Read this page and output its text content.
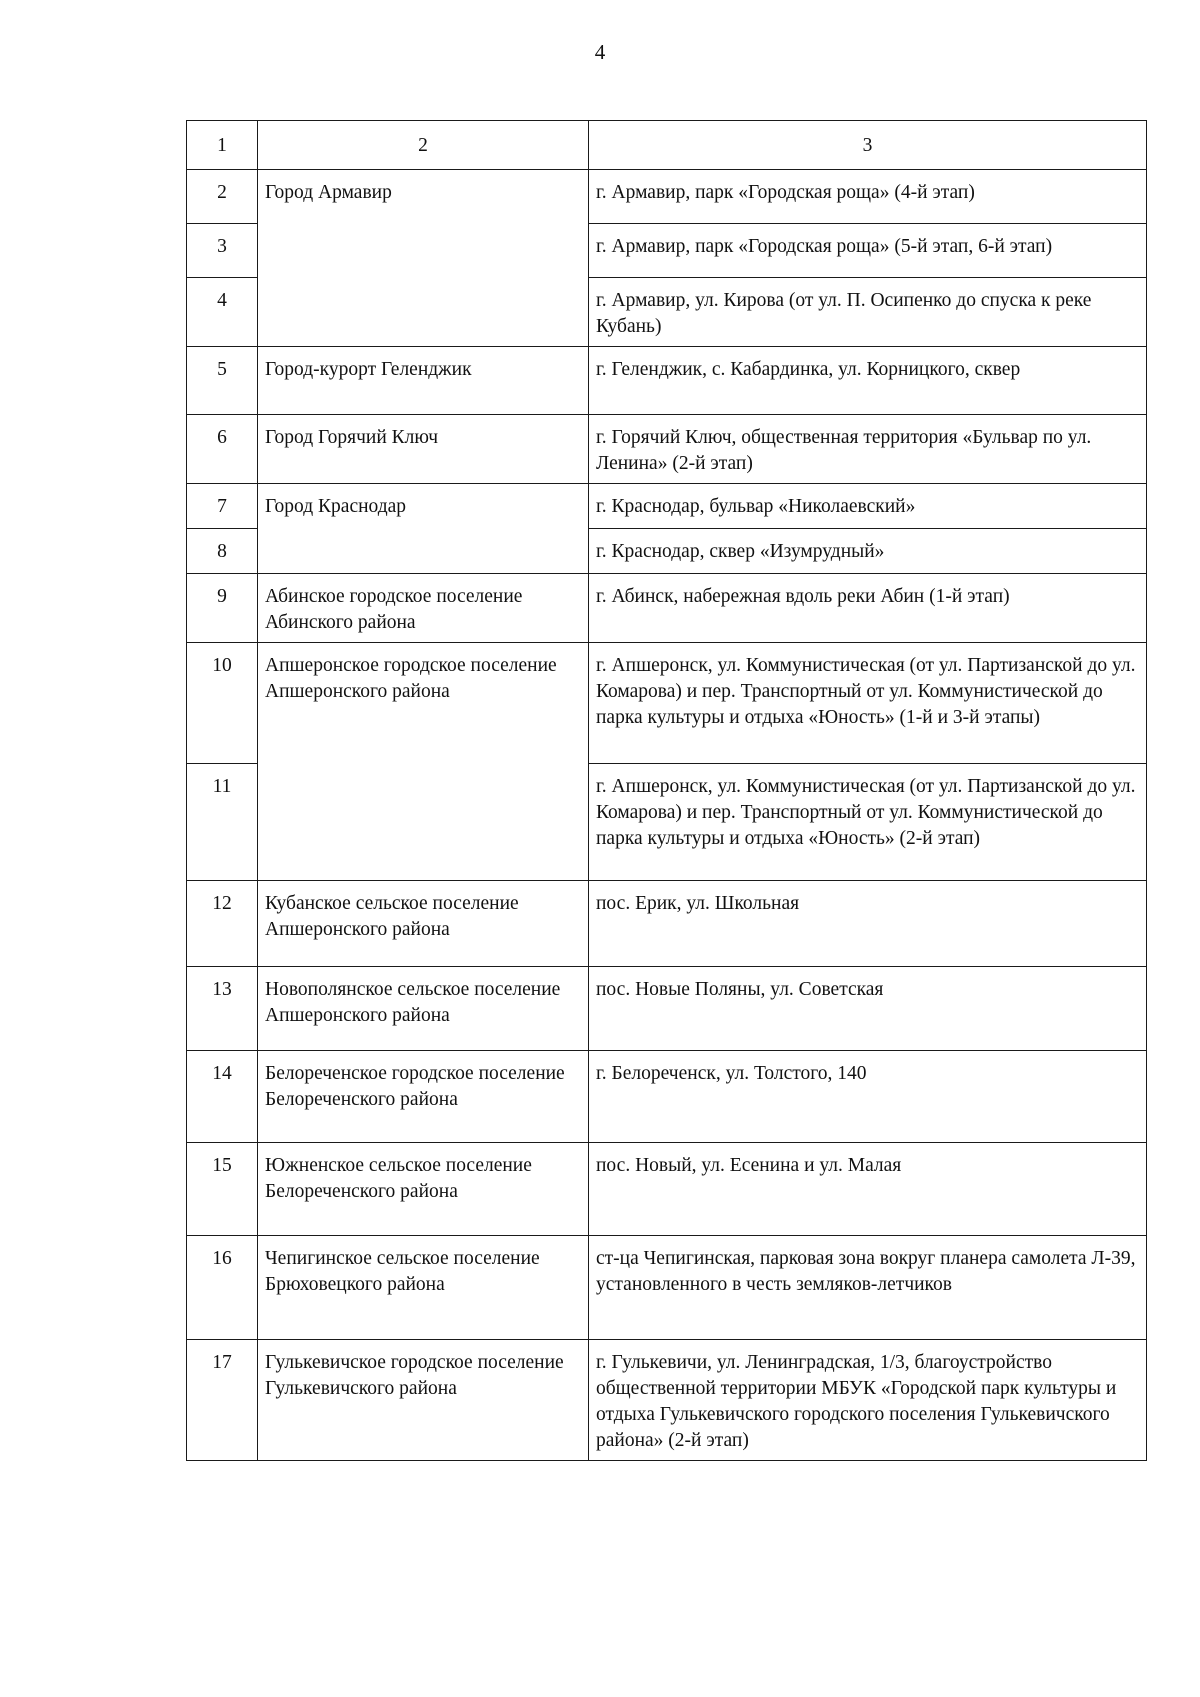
4
1	2	3
2	Город Армавир	г. Армавир, парк «Городская роща» (4-й этап)
3		г. Армавир, парк «Городская роща» (5-й этап, 6-й этап)
4		г. Армавир, ул. Кирова (от ул. П. Осипенко до спуска к реке Кубань)
5	Город-курорт Геленджик	г. Геленджик, с. Кабардинка, ул. Корницкого, сквер
6	Город Горячий Ключ	г. Горячий Ключ, общественная территория «Бульвар по ул. Ленина» (2-й этап)
7	Город Краснодар	г. Краснодар, бульвар «Николаевский»
8		г. Краснодар, сквер «Изумрудный»
9	Абинское городское поселение Абинского района	г. Абинск, набережная вдоль реки Абин (1-й этап)
10	Апшеронское городское поселение Апшеронского района	г. Апшеронск, ул. Коммунистическая (от ул. Партизанской до ул. Комарова) и пер. Транспортный от ул. Коммунистической до парка культуры и отдыха «Юность» (1-й и 3-й этапы)
11		г. Апшеронск, ул. Коммунистическая (от ул. Партизанской до ул. Комарова) и пер. Транспортный от ул. Коммунистической до парка культуры и отдыха «Юность» (2-й этап)
12	Кубанское сельское поселение Апшеронского района	пос. Ерик, ул. Школьная
13	Новополянское сельское поселение Апшеронского района	пос. Новые Поляны, ул. Советская
14	Белореченское городское поселение Белореченского района	г. Белореченск, ул. Толстого, 140
15	Южненское сельское поселение Белореченского района	пос. Новый, ул. Есенина и ул. Малая
16	Чепигинское сельское поселение Брюховецкого района	ст-ца Чепигинская, парковая зона вокруг планера самолета Л-39, установленного в честь земляков-летчиков
17	Гулькевичское городское поселение Гулькевичского района	г. Гулькевичи, ул. Ленинградская, 1/3, благоустройство общественной территории МБУК «Городской парк культуры и отдыха Гулькевичского городского поселения Гулькевичского района» (2-й этап)
